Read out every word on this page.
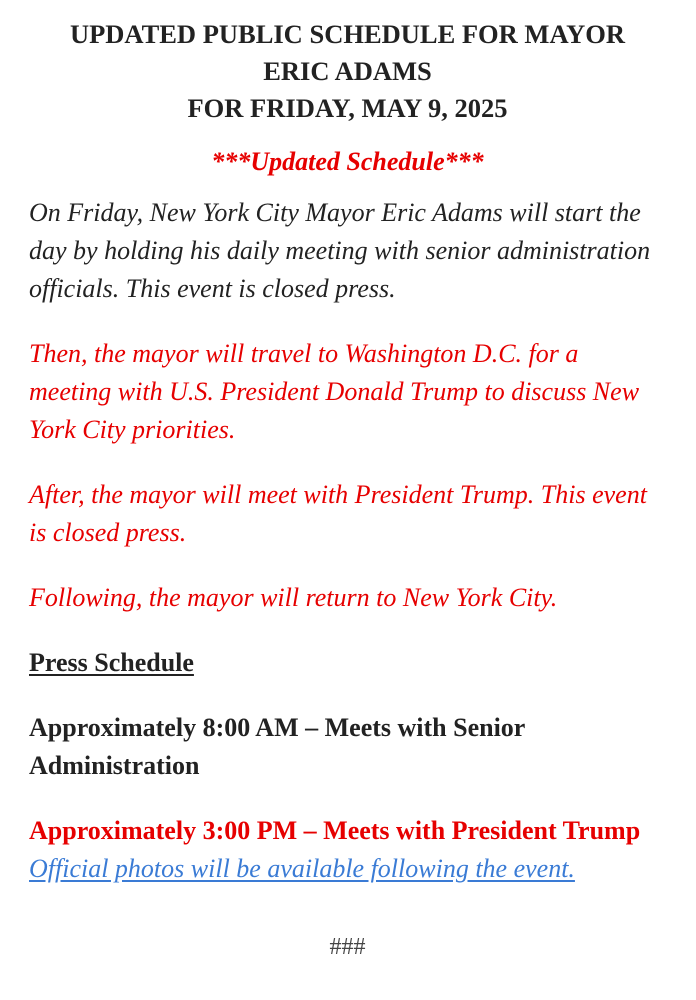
UPDATED PUBLIC SCHEDULE FOR MAYOR
ERIC ADAMS
FOR FRIDAY, MAY 9, 2025
***Updated Schedule***

On Friday, New York City Mayor Eric Adams will start the day by holding his daily meeting with senior administration officials. This event is closed press.

Then, the mayor will travel to Washington D.C. for a meeting with U.S. President Donald Trump to discuss New York City priorities.

After, the mayor will meet with President Trump. This event is closed press.

Following, the mayor will return to New York City.

Press Schedule
Approximately 8:00 AM – Meets with Senior Administration
Approximately 3:00 PM – Meets with President Trump
Official photos will be available following the event.
###
